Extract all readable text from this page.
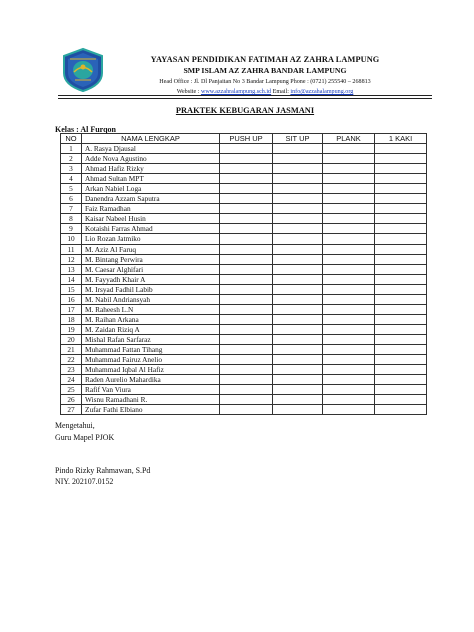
YAYASAN PENDIDIKAN FATIMAH AZ ZAHRA LAMPUNG
SMP ISLAM AZ ZAHRA BANDAR LAMPUNG
Head Office : Jl. Dl Panjaitan No 3 Bandar Lampung Phone : (0721) 255540 – 268813
Website : www.azzahralampung.sch.id Email: info@azzahalampung.org
PRAKTEK KEBUGARAN JASMANI
Kelas : Al Furqon
NO	NAMA LENGKAP	PUSH UP	SIT UP	PLANK	1 KAKI
1	A. Rasya Djausal				
2	Adde Nova Agustino				
3	Ahmad Hafiz Rizky				
4	Ahmad Sultan MPT				
5	Arkan Nabiel Loga				
6	Danendra Azzam Saputra				
7	Faiz Ramadhan				
8	Kaisar Nabeel Husin				
9	Kotaishi Farras Ahmad				
10	Lio Rozan Jatmiko				
11	M. Aziz Al Faruq				
12	M. Bintang Perwira				
13	M. Caesar Alghifari				
14	M. Fayyadh Khair A				
15	M. Irsyad Fadhil Labib				
16	M. Nabil Andriansyah				
17	M. Raheesh L.N				
18	M. Raihan Arkana				
19	M. Zaidan Riziq A				
20	Mishal Rafan Sarfaraz				
21	Muhammad Fattan Tihang				
22	Muhammad Fairuz Anelio				
23	Muhammad Iqbal Al Hafiz				
24	Raden Aurelio Mahardika				
25	Rafif Van Viura				
26	Wisnu Ramadhani R.				
27	Zufar Fathi Elbiano				
Mengetahui,
Guru Mapel PJOK
Pindo Rizky Rahmawan, S.Pd
NIY. 202107.0152
